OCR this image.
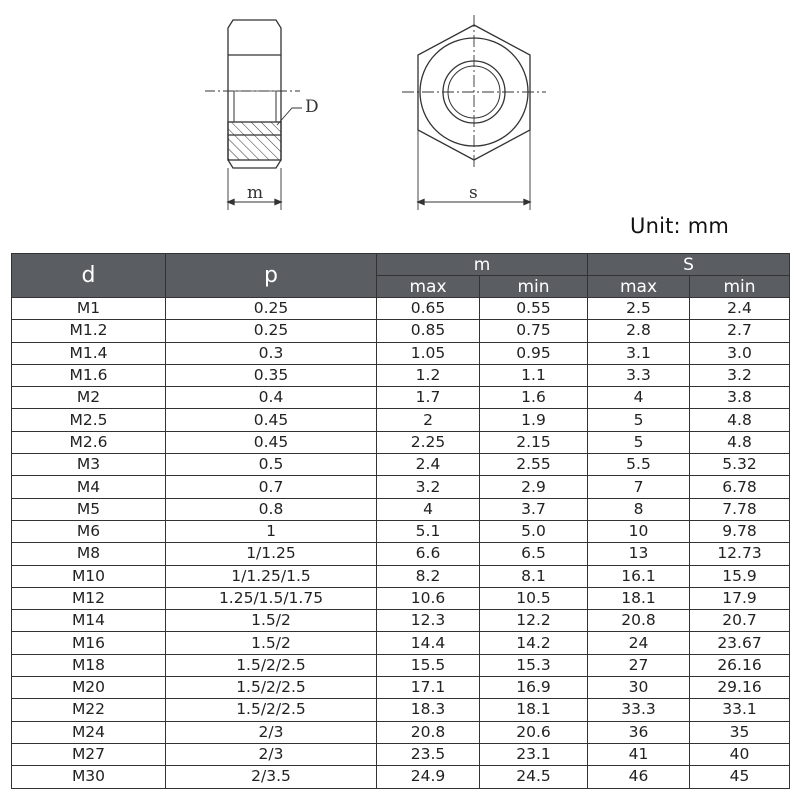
D
m	s
Unit: mm
d	p	m		S	
		max	min	max	min
M1	0.25	0.65	0.55	2.5	2.4
M1.2	0.25	0.85	0.75	2.8	2.7
M1.4	0.3	1.05	0.95	3.1	3.0
M1.6	0.35	1.2	1.1	3.3	3.2
M2	0.4	1.7	1.6	4	3.8
M2.5	0.45	2	1.9	5	4.8
M2.6	0.45	2.25	2.15	5	4.8
M3	0.5	2.4	2.55	5.5	5.32
M4	0.7	3.2	2.9	7	6.78
M5	0.8	4	3.7	8	7.78
M6	1	5.1	5.0	10	9.78
M8	1/1.25	6.6	6.5	13	12.73
M10	1/1.25/1.5	8.2	8.1	16.1	15.9
M12	1.25/1.5/1.75	10.6	10.5	18.1	17.9
M14	1.5/2	12.3	12.2	20.8	20.7
M16	1.5/2	14.4	14.2	24	23.67
M18	1.5/2/2.5	15.5	15.3	27	26.16
M20	1.5/2/2.5	17.1	16.9	30	29.16
M22	1.5/2/2.5	18.3	18.1	33.3	33.1
M24	2/3	20.8	20.6	36	35
M27	2/3	23.5	23.1	41	40
M30	2/3.5	24.9	24.5	46	45
